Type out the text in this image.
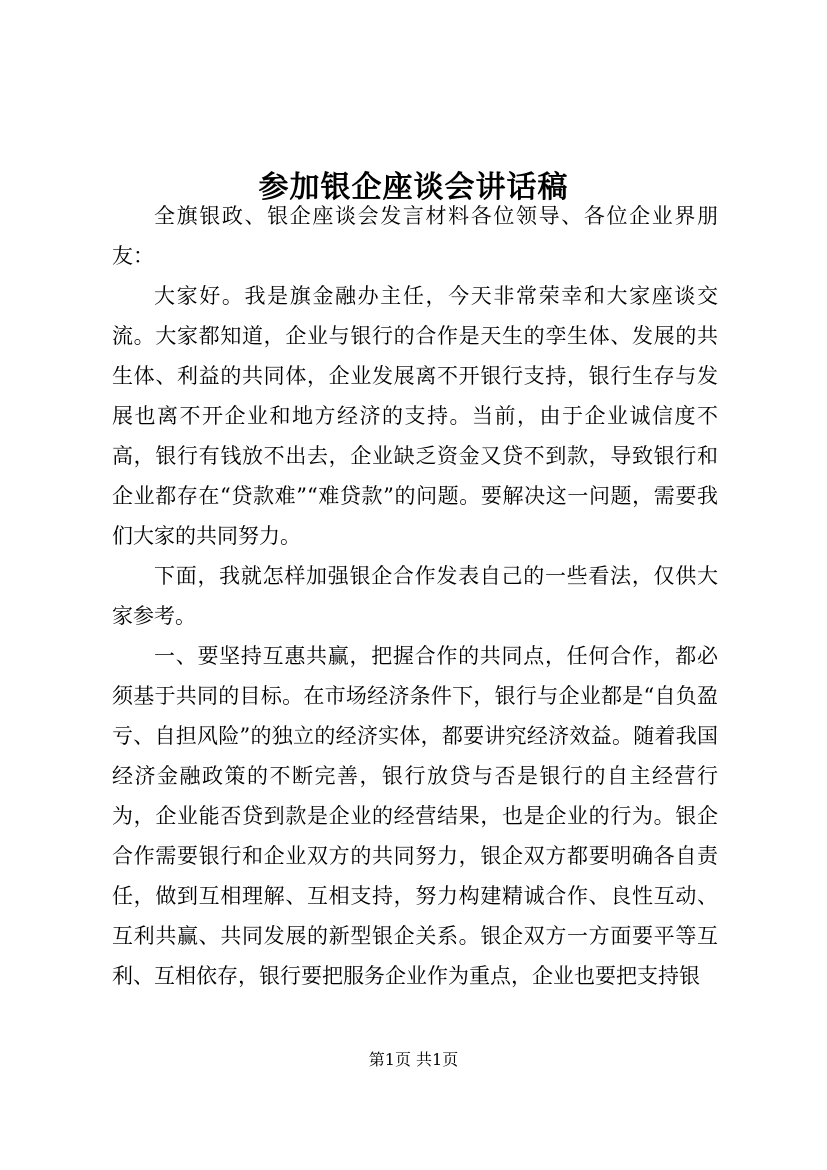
参加银企座谈会讲话稿

全旗银政、银企座谈会发言材料各位领导、各位企业界朋友：

大家好。我是旗金融办主任，今天非常荣幸和大家座谈交流。大家都知道，企业与银行的合作是天生的孪生体、发展的共生体、利益的共同体，企业发展离不开银行支持，银行生存与发展也离不开企业和地方经济的支持。当前，由于企业诚信度不高，银行有钱放不出去，企业缺乏资金又贷不到款，导致银行和企业都存在“贷款难”“难贷款”的问题。要解决这一问题，需要我们大家的共同努力。

下面，我就怎样加强银企合作发表自己的一些看法，仅供大家参考。

一、要坚持互惠共赢，把握合作的共同点，任何合作，都必须基于共同的目标。在市场经济条件下，银行与企业都是“自负盈亏、自担风险”的独立的经济实体，都要讲究经济效益。随着我国经济金融政策的不断完善，银行放贷与否是银行的自主经营行为，企业能否贷到款是企业的经营结果，也是企业的行为。银企合作需要银行和企业双方的共同努力，银企双方都要明确各自责任，做到互相理解、互相支持，努力构建精诚合作、良性互动、互利共赢、共同发展的新型银企关系。银企双方一方面要平等互利、互相依存，银行要把服务企业作为重点，企业也要把支持银

第1页 共1页
